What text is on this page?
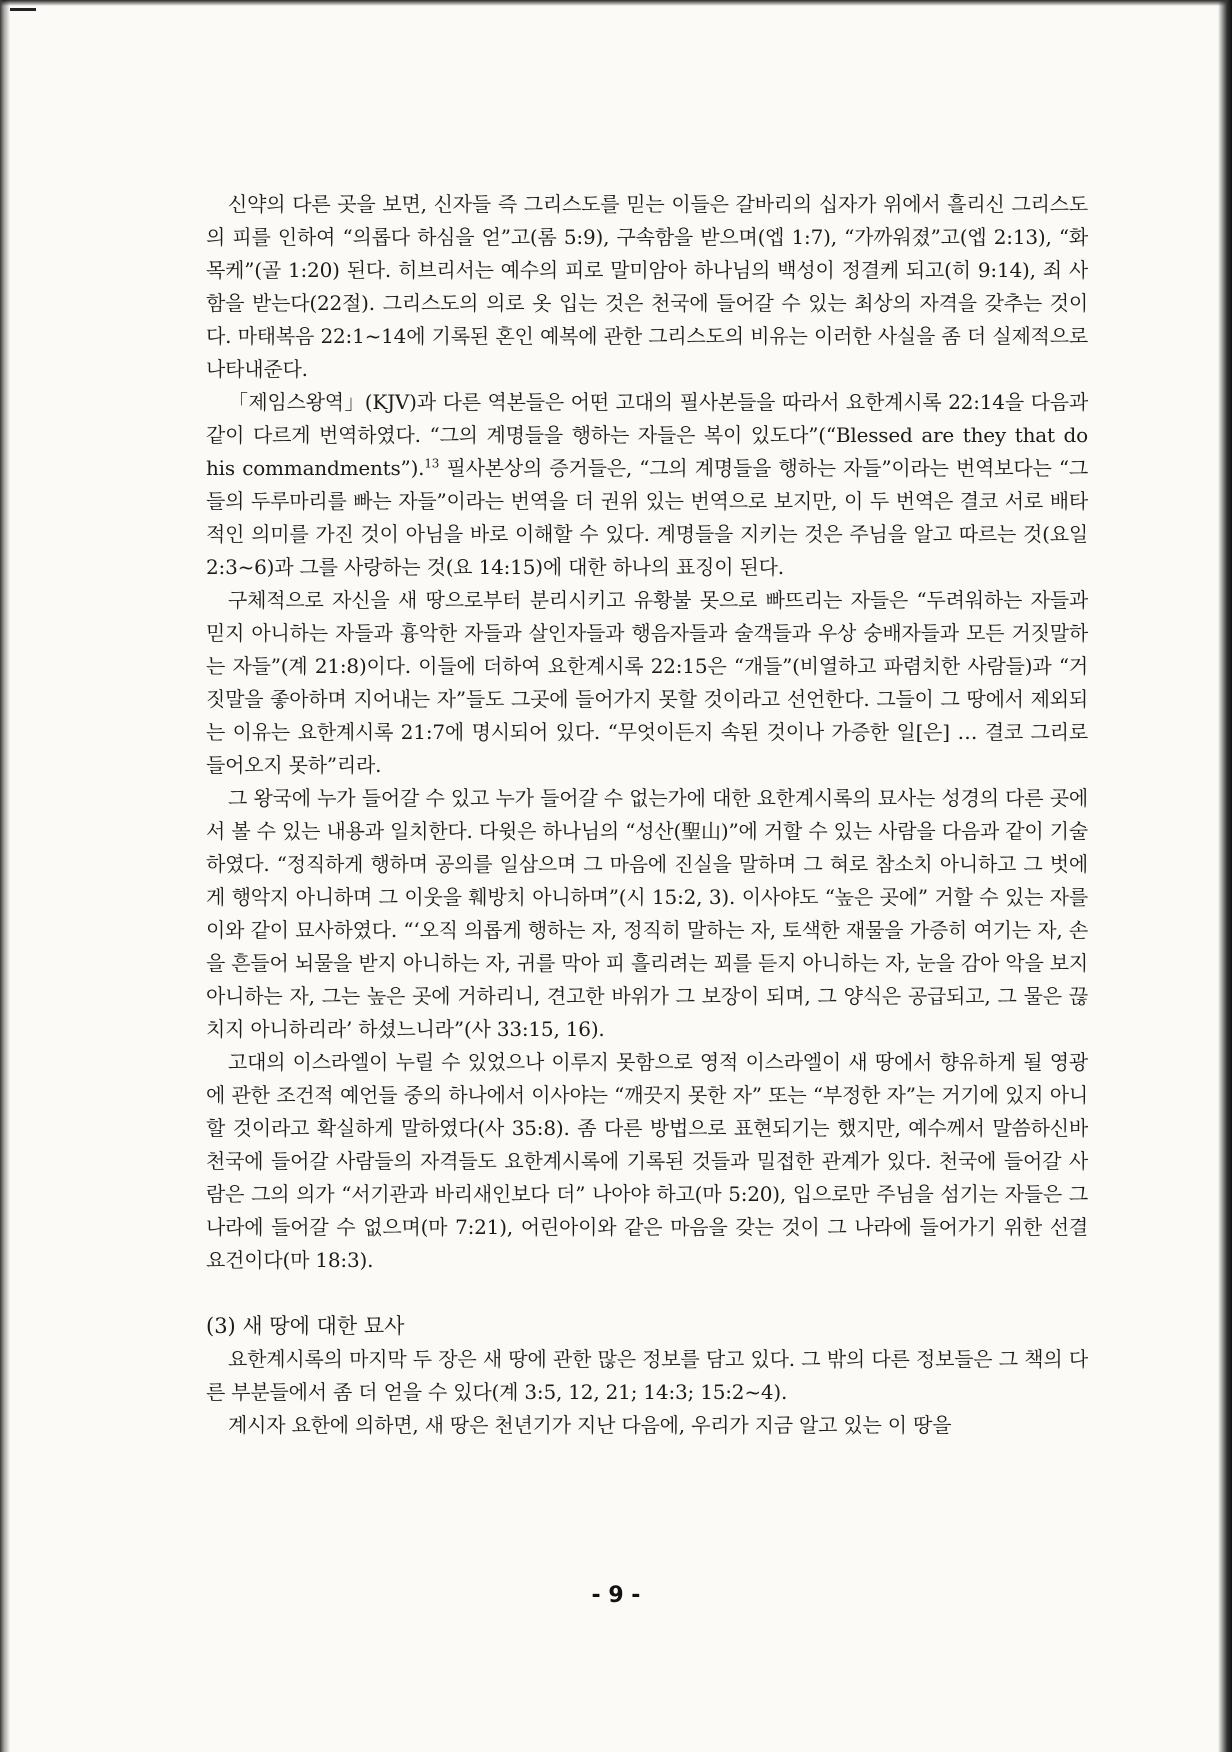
신약의 다른 곳을 보면, 신자들 즉 그리스도를 믿는 이들은 갈바리의 십자가 위에서 흘리신 그리스도의 피를 인하여 “의롭다 하심을 얻”고(롬 5:9), 구속함을 받으며(엡 1:7), “가까워졌”고(엡 2:13), “화목케”(골 1:20) 된다. 히브리서는 예수의 피로 말미암아 하나님의 백성이 정결케 되고(히 9:14), 죄 사함을 받는다(22절). 그리스도의 의로 옷 입는 것은 천국에 들어갈 수 있는 최상의 자격을 갖추는 것이다. 마태복음 22:1~14에 기록된 혼인 예복에 관한 그리스도의 비유는 이러한 사실을 좀 더 실제적으로 나타내준다.

「제임스왕역」(KJV)과 다른 역본들은 어떤 고대의 필사본들을 따라서 요한계시록 22:14을 다음과 같이 다르게 번역하였다. “그의 계명들을 행하는 자들은 복이 있도다”(“Blessed are they that do his commandments”).$^{13}$ 필사본상의 증거들은, “그의 계명들을 행하는 자들”이라는 번역보다는 “그들의 두루마리를 빠는 자들”이라는 번역을 더 권위 있는 번역으로 보지만, 이 두 번역은 결코 서로 배타적인 의미를 가진 것이 아님을 바로 이해할 수 있다. 계명들을 지키는 것은 주님을 알고 따르는 것(요일 2:3~6)과 그를 사랑하는 것(요 14:15)에 대한 하나의 표징이 된다.

구체적으로 자신을 새 땅으로부터 분리시키고 유황불 못으로 빠뜨리는 자들은 “두려워하는 자들과 믿지 아니하는 자들과 흉악한 자들과 살인자들과 행음자들과 술객들과 우상 숭배자들과 모든 거짓말하는 자들”(계 21:8)이다. 이들에 더하여 요한계시록 22:15은 “개들”(비열하고 파렴치한 사람들)과 “거짓말을 좋아하며 지어내는 자”들도 그곳에 들어가지 못할 것이라고 선언한다. 그들이 그 땅에서 제외되는 이유는 요한계시록 21:7에 명시되어 있다. “무엇이든지 속된 것이나 가증한 일[은] … 결코 그리로 들어오지 못하”리라.

그 왕국에 누가 들어갈 수 있고 누가 들어갈 수 없는가에 대한 요한계시록의 묘사는 성경의 다른 곳에서 볼 수 있는 내용과 일치한다. 다윗은 하나님의 “성산(聖山)”에 거할 수 있는 사람을 다음과 같이 기술하였다. “정직하게 행하며 공의를 일삼으며 그 마음에 진실을 말하며 그 혀로 참소치 아니하고 그 벗에게 행악지 아니하며 그 이웃을 훼방치 아니하며”(시 15:2, 3). 이사야도 “높은 곳에” 거할 수 있는 자를 이와 같이 묘사하였다. “‘오직 의롭게 행하는 자, 정직히 말하는 자, 토색한 재물을 가증히 여기는 자, 손을 흔들어 뇌물을 받지 아니하는 자, 귀를 막아 피 흘리려는 꾀를 듣지 아니하는 자, 눈을 감아 악을 보지 아니하는 자, 그는 높은 곳에 거하리니, 견고한 바위가 그 보장이 되며, 그 양식은 공급되고, 그 물은 끊치지 아니하리라’ 하셨느니라”(사 33:15, 16).

고대의 이스라엘이 누릴 수 있었으나 이루지 못함으로 영적 이스라엘이 새 땅에서 향유하게 될 영광에 관한 조건적 예언들 중의 하나에서 이사야는 “깨끗지 못한 자” 또는 “부정한 자”는 거기에 있지 아니할 것이라고 확실하게 말하였다(사 35:8). 좀 다른 방법으로 표현되기는 했지만, 예수께서 말씀하신바 천국에 들어갈 사람들의 자격들도 요한계시록에 기록된 것들과 밀접한 관계가 있다. 천국에 들어갈 사람은 그의 의가 “서기관과 바리새인보다 더” 나아야 하고(마 5:20), 입으로만 주님을 섬기는 자들은 그 나라에 들어갈 수 없으며(마 7:21), 어린아이와 같은 마음을 갖는 것이 그 나라에 들어가기 위한 선결 요건이다(마 18:3).

(3) 새 땅에 대한 묘사

요한계시록의 마지막 두 장은 새 땅에 관한 많은 정보를 담고 있다. 그 밖의 다른 정보들은 그 책의 다른 부분들에서 좀 더 얻을 수 있다(계 3:5, 12, 21; 14:3; 15:2~4).

계시자 요한에 의하면, 새 땅은 천년기가 지난 다음에, 우리가 지금 알고 있는 이 땅을

- 9 -
